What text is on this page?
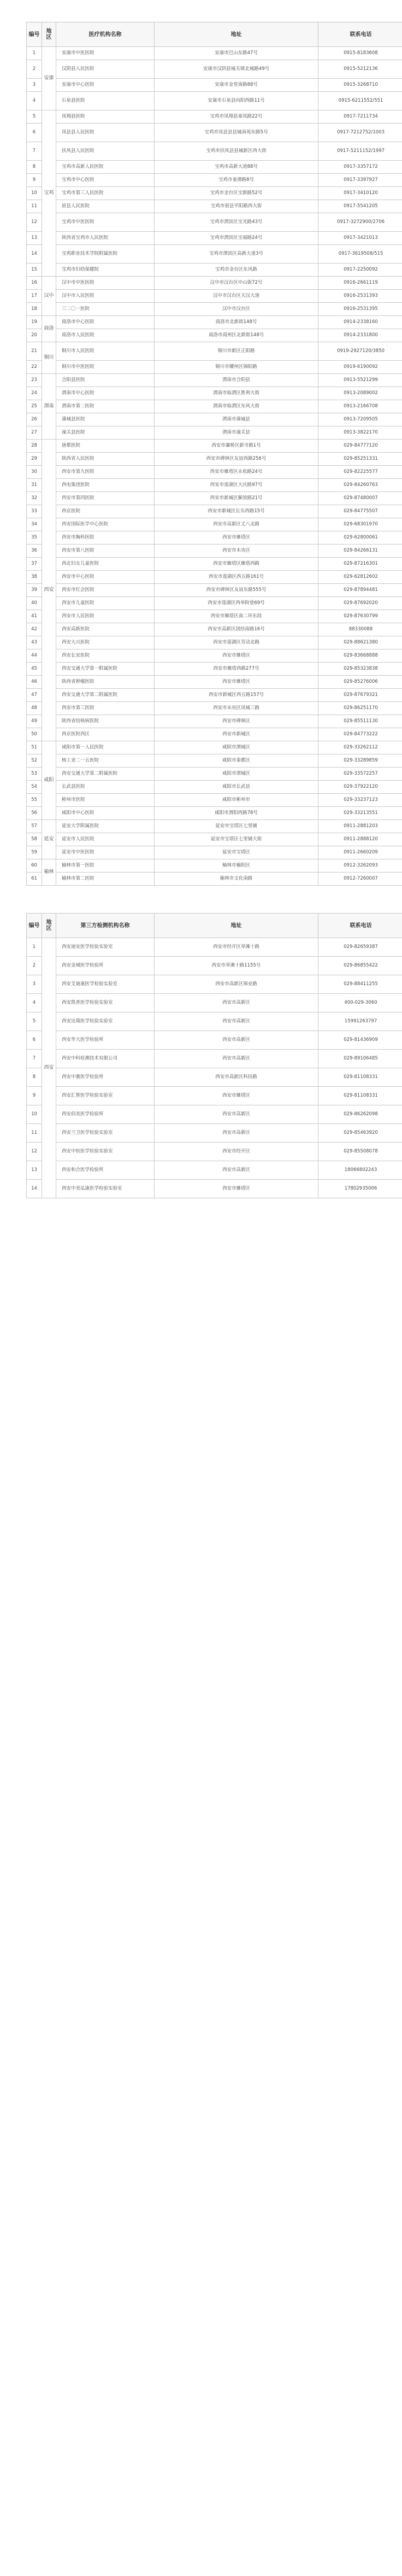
编号	地区	医疗机构名称	地址	联系电话
1	安康	安康市中医医院	安康市巴山东路47号	0915-8183608
2		汉阴县人民医院	安康市汉阴县城关镇北城路49号	0915-5212136
3		安康市中心医院	安康市金堂南路88号	0915-3268710
4		石泉县医院	安康市石泉县向阳西路11号	0915-6211552/551
5	宝鸡	凤翔县医院	宝鸡市凤翔县秦凤路22号	0917-7211734
6		凤县县人民医院	宝鸡市凤县县县城南苑东路5号	0917-7212752/1003
7		扶风县人民医院	宝鸡市扶风县县城新区西大街	0917-5211152/1997
8		宝鸡市高新人民医院	宝鸡市高新大道88号	0917-3357172
9		宝鸡市中心医院	宝鸡市姜谭路8号	0917-3397927
10		宝鸡市第三人民医院	宝鸡市金台区宝新路52号	0917-3410120
11		眉县人民医院	宝鸡市眉县平阳路西大街	0917-5541205
12		宝鸡市中医医院	宝鸡市渭滨区宝光路43号	0917-3272900/2706
13		陕西省宝鸡市人民医院	宝鸡市渭滨区宝福路24号	0917-3421013
14		宝鸡职业技术学院附属医院	宝鸡市渭滨区高新大道3号	0917-3619508/515
15		宝鸡市妇幼保健院	宝鸡市金台区东风路	0917-2250092
16	汉中	汉中市中医医院	汉中市汉台区中山街72号	0916-2661119
17		汉中市人民医院	汉中市汉台区天汉大道	0916-2531393
18		三二〇一医院	汉中市汉台区	0916-2531395
19	商洛	商洛市中心医院	商洛市北新街148号	0914-2338160
20		商洛市人民医院	商洛市商州区北新街148号	0914-2331800
21	铜川	铜川市人民医院	铜川市新区正阳路	0919-2927120/3850
22		铜川市中医医院	铜川市耀州区锦阳路	0919-6190092
23	渭南	合阳县医院	渭南市合阳县	0913-5521299
24		渭南市中心医院	渭南市临渭区胜利大街	0913-2089002
25		渭南市第二医院	渭南市临渭区东风大街	0913-2166708
26		蒲城县医院	渭南市蒲城县	0913-7209505
27		潼关县医院	渭南市潼关县	0913-3822170
28	西安	唐都医院	西安市灞桥区新寺路1号	029-84777120
29		陕西省人民医院	西安市碑林区友谊西路256号	029-85251331
30		西安市第九医院	西安市雁塔区永松路24号	029-82225577
31		西电集团医院	西安市莲湖区大庆路97号	029-84260763
32		西安市第四医院	西安市新城区解放路21号	029-87480007
33		西京医院	西安市新城区长乐西路15号	029-84775507
34		西安国际医学中心医院	西安市高新区丈八北路	029-68301970
35		西安市胸科医院	西安市雁塔区	029-62800061
36		西安市第八医院	西安市未央区	029-84266131
37		西北妇女儿童医院	西安市雁塔区雁塔西路	029-87216301
38		西安市中心医院	西安市莲湖区西五路161号	029-62812602
39		西安市红会医院	西安市碑林区友谊东路555号	029-87894481
40		西安市儿童医院	西安市莲湖区西举院巷69号	029-87692020
41		西安市人民医院	西安市雁塔区南二环东段	029-87630799
42		西安高新医院	西安市高新区团结南路16号	88330088
43		西安大兴医院	西安市莲湖区劳动北路	029-88621380
44		西安长安医院	西安市雁塔区	029-83668888
45		西安交通大学第一附属医院	西安市雁塔西路277号	029-85323838
46		陕西省肿瘤医院	西安市雁塔区	029-85276006
47		西安交通大学第二附属医院	西安市新城区西五路157号	029-87679321
48		西安市第三医院	西安市未央区凤城三路	029-86251170
49		陕西省结核病医院	西安市碑林区	029-85511130
50		西京医院西区	西安市新城区	029-84773222
51	咸阳	咸阳市第一人民医院	咸阳市渭城区	029-33262112
52		核工业二一五医院	咸阳市秦都区	029-33289859
53		西安交通大学第二附属医院	咸阳市渭城区	029-33572257
54		长武县医院	咸阳市长武县	029-37922120
55		彬州市医院	咸阳市彬州市	029-33237123
56		咸阳市中心医院	咸阳市渭阳西路78号	029-33213551
57	延安	延安大学附属医院	延安市宝塔区七里铺	0911-2881203
58		延安市人民医院	延安市宝塔区七里铺大街	0911-2888120
59		延安市中医医院	延安市宝塔区	0911-2660209
60	榆林	榆林市第一医院	榆林市榆阳区	0912-3262093
61		榆林市第二医院	榆林市文化南路	0912-7260007
编号	地区	第三方检测机构名称	地址	联系电话
1	西安	西安迪安医学检验实验室	西安市经开区草滩十路	029-82659387
2		西安金域医学检验所	西安市草滩十路1155号	029-86855422
3		西安艾迪康医学检验实验室	西安市高新区锦业路	029-88411255
4		西安凯普医学检验实验室	西安市高新区	400-029-3060
5		西安达瑞医学检验实验室	西安市高新区	15991263797
6		西安华大医学检验所	西安市高新区	029-81436909
7		西安中科检测技术有限公司	西安市高新区	029-89106485
8		西安中赛医学检验所	西安市高新区科技路	029-81108331
9		西安汇智医学检验实验室	西安市雁塔区	029-81108331
10		西安佰美医学检验所	西安市高新区	029-86262098
11		西安兰卫医学检验实验室	西安市高新区	029-85463920
12		西安中检医学检验实验室	西安市经开区	029-85508078
13		西安和合医学检验所	西安市高新区	18066802243
14		西安中美弘康医学检验实验室	西安市雁塔区	17802935006
